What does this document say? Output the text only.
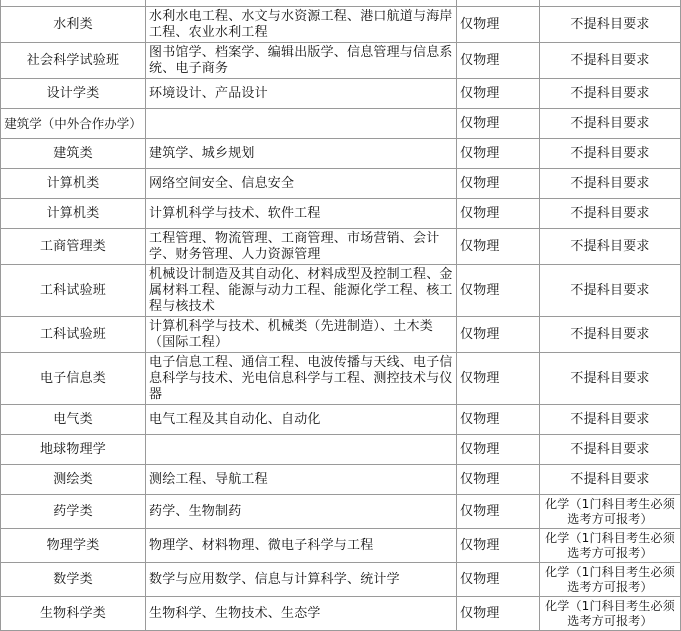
水利类	水利水电工程、水文与水资源工程、港口航道与海岸工程、农业水利工程	仅物理	不提科目要求
社会科学试验班	图书馆学、档案学、编辑出版学、信息管理与信息系统、电子商务	仅物理	不提科目要求
设计学类	环境设计、产品设计	仅物理	不提科目要求
建筑学（中外合作办学）		仅物理	不提科目要求
建筑类	建筑学、城乡规划	仅物理	不提科目要求
计算机类	网络空间安全、信息安全	仅物理	不提科目要求
计算机类	计算机科学与技术、软件工程	仅物理	不提科目要求
工商管理类	工程管理、物流管理、工商管理、市场营销、会计学、财务管理、人力资源管理	仅物理	不提科目要求
工科试验班	机械设计制造及其自动化、材料成型及控制工程、金属材料工程、能源与动力工程、能源化学工程、核工程与核技术	仅物理	不提科目要求
工科试验班	计算机科学与技术、机械类（先进制造）、土木类（国际工程）	仅物理	不提科目要求
电子信息类	电子信息工程、通信工程、电波传播与天线、电子信息科学与技术、光电信息科学与工程、测控技术与仪器	仅物理	不提科目要求
电气类	电气工程及其自动化、自动化	仅物理	不提科目要求
地球物理学		仅物理	不提科目要求
测绘类	测绘工程、导航工程	仅物理	不提科目要求
药学类	药学、生物制药	仅物理	化学（1门科目考生必须选考方可报考）
物理学类	物理学、材料物理、微电子科学与工程	仅物理	化学（1门科目考生必须选考方可报考）
数学类	数学与应用数学、信息与计算科学、统计学	仅物理	化学（1门科目考生必须选考方可报考）
生物科学类	生物科学、生物技术、生态学	仅物理	化学（1门科目考生必须选考方可报考）
